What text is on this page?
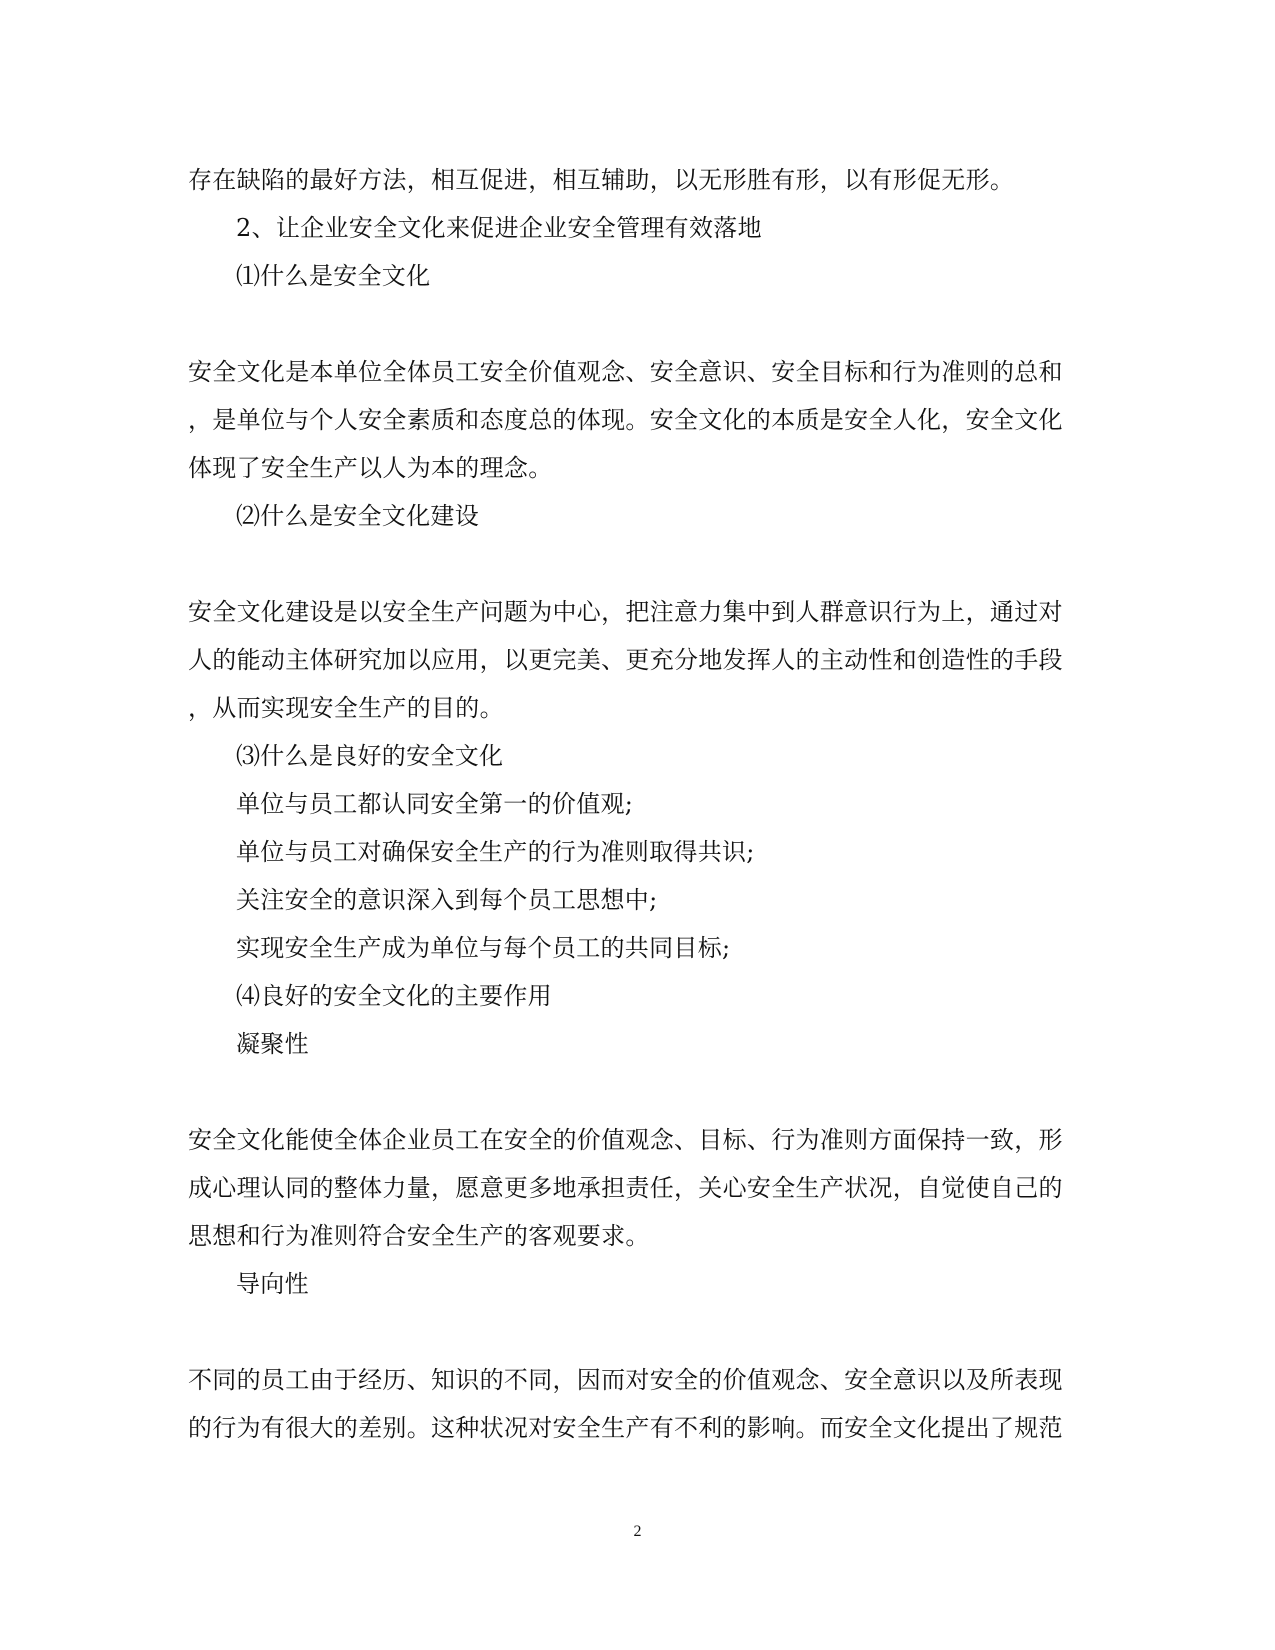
存在缺陷的最好方法，相互促进，相互辅助，以无形胜有形，以有形促无形。
2、让企业安全文化来促进企业安全管理有效落地
⑴什么是安全文化
安全文化是本单位全体员工安全价值观念、安全意识、安全目标和行为准则的总和
，是单位与个人安全素质和态度总的体现。安全文化的本质是安全人化，安全文化
体现了安全生产以人为本的理念。
⑵什么是安全文化建设
安全文化建设是以安全生产问题为中心，把注意力集中到人群意识行为上，通过对
人的能动主体研究加以应用，以更完美、更充分地发挥人的主动性和创造性的手段
，从而实现安全生产的目的。
⑶什么是良好的安全文化
单位与员工都认同安全第一的价值观;
单位与员工对确保安全生产的行为准则取得共识;
关注安全的意识深入到每个员工思想中;
实现安全生产成为单位与每个员工的共同目标;
⑷良好的安全文化的主要作用
凝聚性
安全文化能使全体企业员工在安全的价值观念、目标、行为准则方面保持一致，形
成心理认同的整体力量，愿意更多地承担责任，关心安全生产状况，自觉使自己的
思想和行为准则符合安全生产的客观要求。
导向性
不同的员工由于经历、知识的不同，因而对安全的价值观念、安全意识以及所表现
的行为有很大的差别。这种状况对安全生产有不利的影响。而安全文化提出了规范
2
